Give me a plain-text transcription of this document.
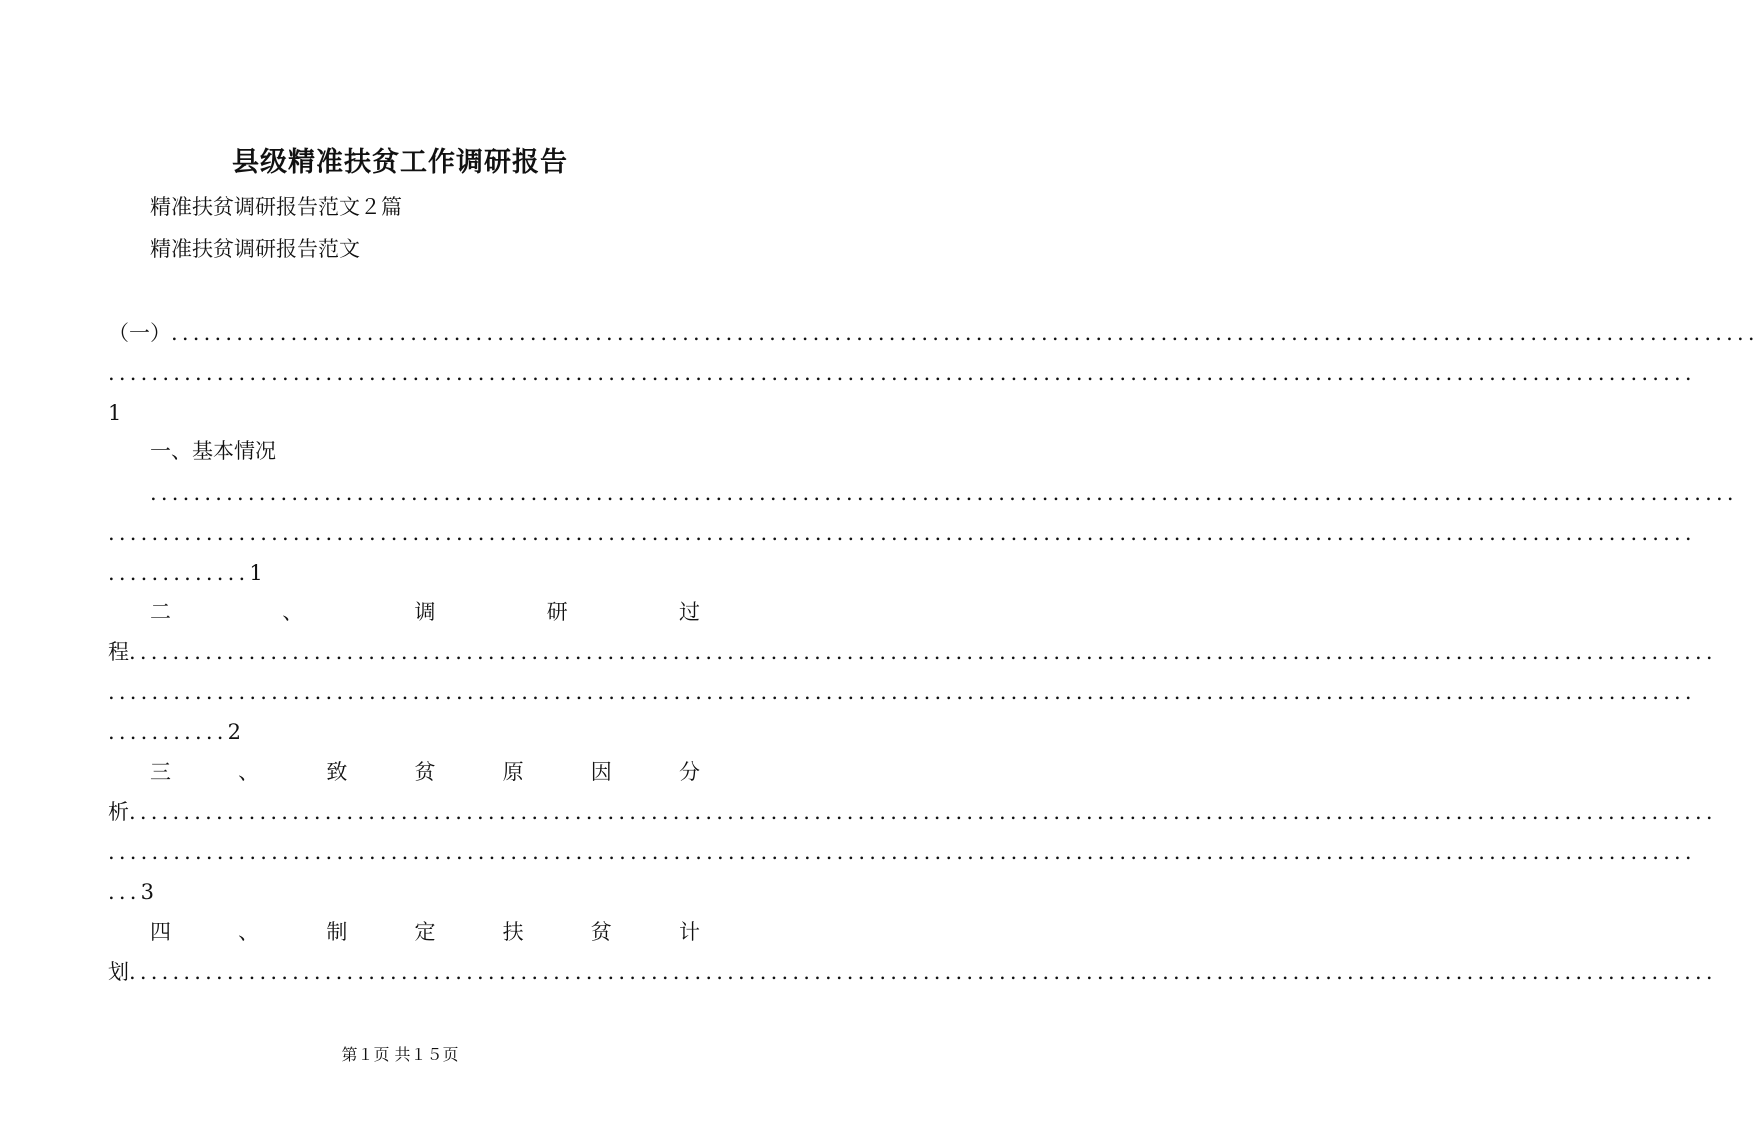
县级精准扶贫工作调研报告
精准扶贫调研报告范文２篇
精准扶贫调研报告范文
（一）..................................................................................................................................................
..................................................................................................................................................
1
一、基本情况
..................................................................................................................................................
..................................................................................................................................................
.............1
二	、	调	研	过
程..................................................................................................................................................
..................................................................................................................................................
...........2
三	、	致	贫	原	因	分
析..................................................................................................................................................
..................................................................................................................................................
...3
四	、	制	定	扶	贫	计
划..................................................................................................................................................
第１页 共１５页
